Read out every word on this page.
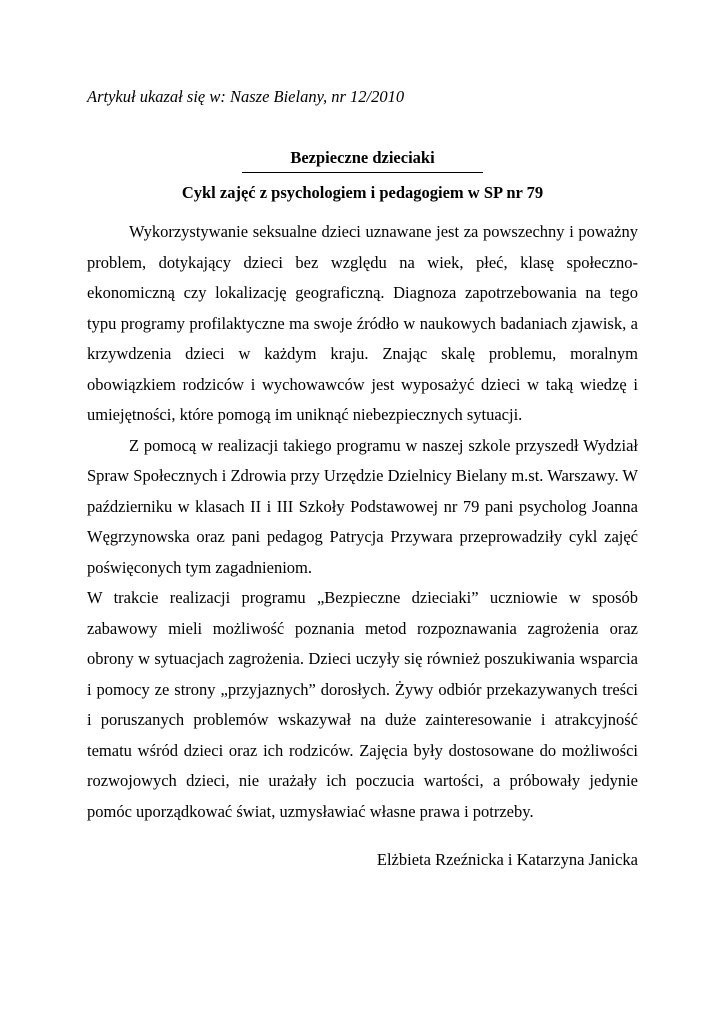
Artykuł ukazał się w: Nasze Bielany, nr 12/2010

Bezpieczne dzieciaki
Cykl zajęć z psychologiem i pedagogiem w SP nr 79

Wykorzystywanie seksualne dzieci uznawane jest za powszechny i poważny problem, dotykający dzieci bez względu na wiek, płeć, klasę społeczno-ekonomiczną czy lokalizację geograficzną. Diagnoza zapotrzebowania na tego typu programy profilaktyczne ma swoje źródło w naukowych badaniach zjawisk, a krzywdzenia dzieci w każdym kraju. Znając skalę problemu, moralnym obowiązkiem rodziców i wychowawców jest wyposażyć dzieci w taką wiedzę i umiejętności, które pomogą im uniknąć niebezpiecznych sytuacji.

Z pomocą w realizacji takiego programu w naszej szkole przyszedł Wydział Spraw Społecznych i Zdrowia przy Urzędzie Dzielnicy Bielany m.st. Warszawy. W październiku w klasach II i III Szkoły Podstawowej nr 79 pani psycholog Joanna Węgrzynowska oraz pani pedagog Patrycja Przywara przeprowadziły cykl zajęć poświęconych tym zagadnieniom.

W trakcie realizacji programu „Bezpieczne dzieciaki” uczniowie w sposób zabawowy mieli możliwość poznania metod rozpoznawania zagrożenia oraz obrony w sytuacjach zagrożenia. Dzieci uczyły się również poszukiwania wsparcia i pomocy ze strony „przyjaznych” dorosłych. Żywy odbiór przekazywanych treści i poruszanych problemów wskazywał na duże zainteresowanie i atrakcyjność tematu wśród dzieci oraz ich rodziców. Zajęcia były dostosowane do możliwości rozwojowych dzieci, nie urażały ich poczucia wartości, a próbowały jedynie pomóc uporządkować świat, uzmysławiać własne prawa i potrzeby.

Elżbieta Rzeźnicka i Katarzyna Janicka
